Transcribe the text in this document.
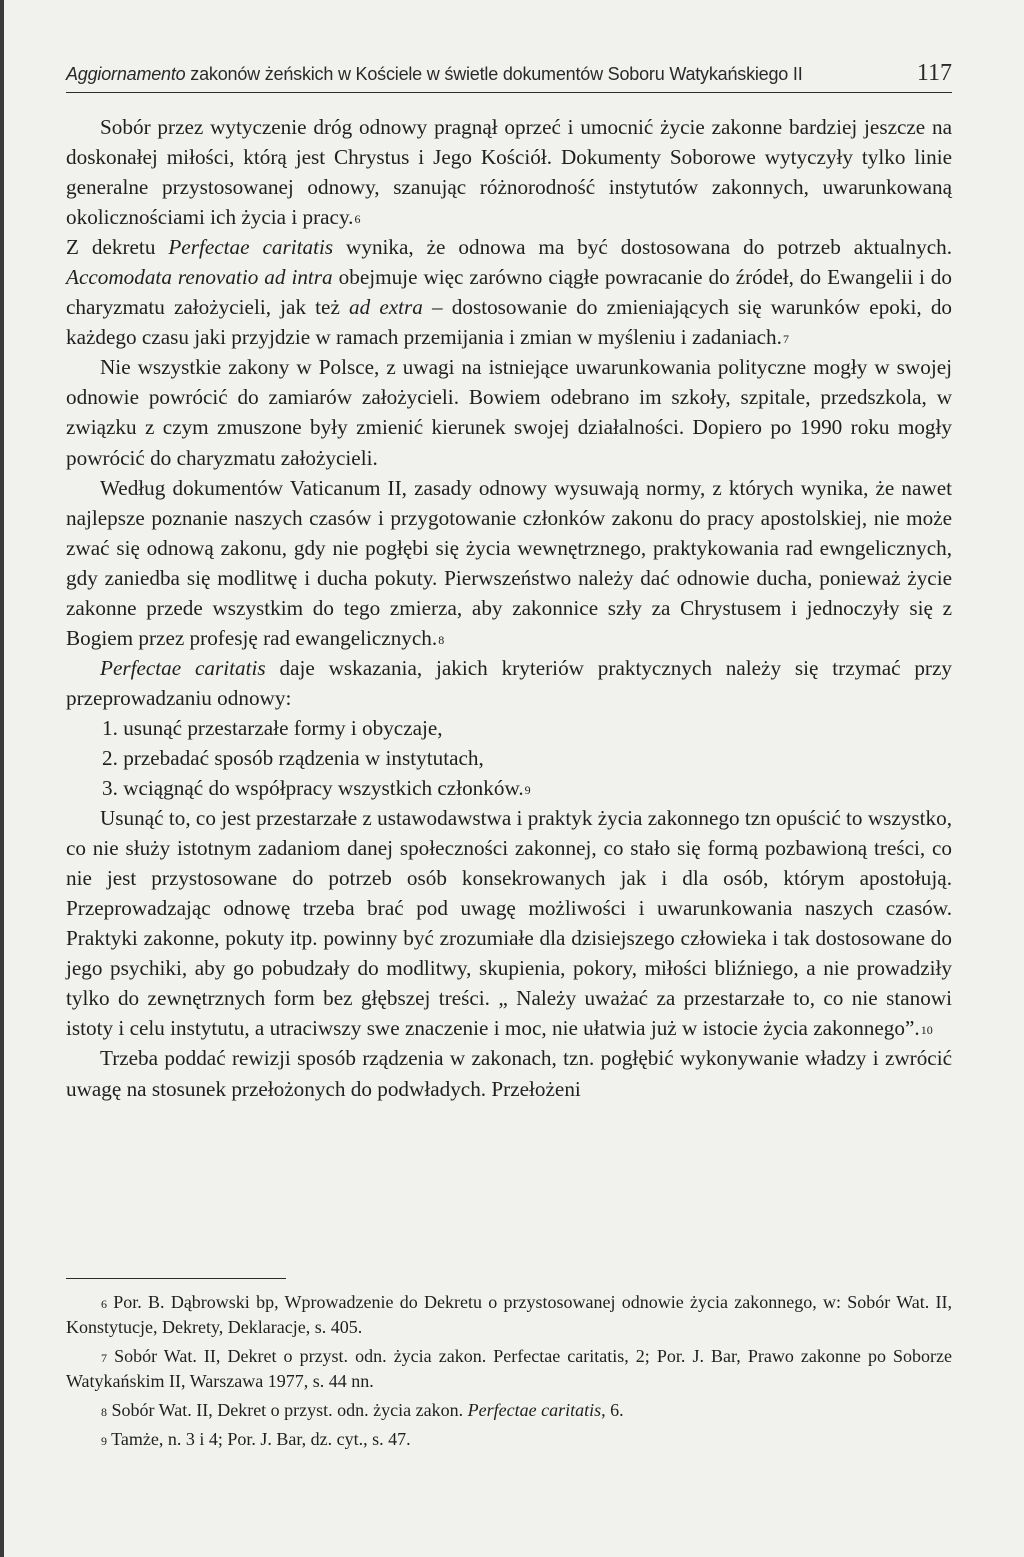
Aggiornamento zakonów żeńskich w Kościele w świetle dokumentów Soboru Watykańskiego II	117

Sobór przez wytyczenie dróg odnowy pragnął oprzeć i umocnić życie zakonne bardziej jeszcze na doskonałej miłości, którą jest Chrystus i Jego Kościół. Dokumenty Soborowe wytyczyły tylko linie generalne przystosowanej odnowy, szanując różnorodność instytutów zakonnych, uwarunkowaną okolicznościami ich życia i pracy.$^6$

Z dekretu Perfectae caritatis wynika, że odnowa ma być dostosowana do potrzeb aktualnych. Accomodata renovatio ad intra obejmuje więc zarówno ciągłe powracanie do źródeł, do Ewangelii i do charyzmatu założycieli, jak też ad extra – dostosowanie do zmieniających się warunków epoki, do każdego czasu jaki przyjdzie w ramach przemijania i zmian w myśleniu i zadaniach.$^7$

Nie wszystkie zakony w Polsce, z uwagi na istniejące uwarunkowania polityczne mogły w swojej odnowie powrócić do zamiarów założycieli. Bowiem odebrano im szkoły, szpitale, przedszkola, w związku z czym zmuszone były zmienić kierunek swojej działalności. Dopiero po 1990 roku mogły powrócić do charyzmatu założycieli.

Według dokumentów Vaticanum II, zasady odnowy wysuwają normy, z których wynika, że nawet najlepsze poznanie naszych czasów i przygotowanie członków zakonu do pracy apostolskiej, nie może zwać się odnową zakonu, gdy nie pogłębi się życia wewnętrznego, praktykowania rad ewngelicznych, gdy zaniedba się modlitwę i ducha pokuty. Pierwszeństwo należy dać odnowie ducha, ponieważ życie zakonne przede wszystkim do tego zmierza, aby zakonnice szły za Chrystusem i jednoczyły się z Bogiem przez profesję rad ewangelicznych.$^8$

Perfectae caritatis daje wskazania, jakich kryteriów praktycznych należy się trzymać przy przeprowadzaniu odnowy:

1. usunąć przestarzałe formy i obyczaje,
2. przebadać sposób rządzenia w instytutach,
3. wciągnąć do współpracy wszystkich członków.$^9$

Usunąć to, co jest przestarzałe z ustawodawstwa i praktyk życia zakonnego tzn opuścić to wszystko, co nie służy istotnym zadaniom danej społeczności zakonnej, co stało się formą pozbawioną treści, co nie jest przystosowane do potrzeb osób konsekrowanych jak i dla osób, którym apostołują. Przeprowadzając odnowę trzeba brać pod uwagę możliwości i uwarunkowania naszych czasów. Praktyki zakonne, pokuty itp. powinny być zrozumiałe dla dzisiejszego człowieka i tak dostosowane do jego psychiki, aby go pobudzały do modlitwy, skupienia, pokory, miłości bliźniego, a nie prowadziły tylko do zewnętrznych form bez głębszej treści. „ Należy uważać za przestarzałe to, co nie stanowi istoty i celu instytutu, a utraciwszy swe znaczenie i moc, nie ułatwia już w istocie życia zakonnego”.$^{10}$

Trzeba poddać rewizji sposób rządzenia w zakonach, tzn. pogłębić wykonywanie władzy i zwrócić uwagę na stosunek przełożonych do podwładych. Przełożeni

$^6$ Por. B. Dąbrowski bp, Wprowadzenie do Dekretu o przystosowanej odnowie życia zakonnego, w: Sobór Wat. II, Konstytucje, Dekrety, Deklaracje, s. 405.

$^7$ Sobór Wat. II, Dekret o przyst. odn. życia zakon. Perfectae caritatis, 2; Por. J. Bar, Prawo zakonne po Soborze Watykańskim II, Warszawa 1977, s. 44 nn.

$^8$ Sobór Wat. II, Dekret o przyst. odn. życia zakon. Perfectae caritatis, 6.

$^9$ Tamże, n. 3 i 4; Por. J. Bar, dz. cyt., s. 47.
